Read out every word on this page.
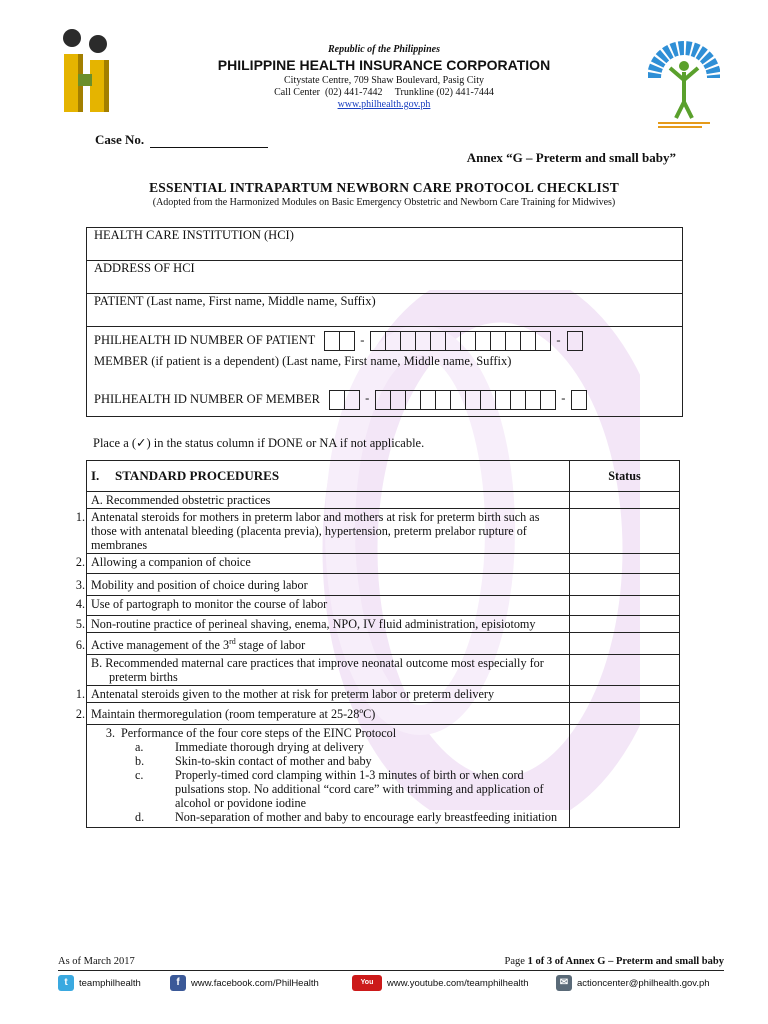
Republic of the Philippines
PHILIPPINE HEALTH INSURANCE CORPORATION
Citystate Centre, 709 Shaw Boulevard, Pasig City
Call Center  (02) 441-7442     Trunkline (02) 441-7444
www.philhealth.gov.ph
Case No.
Annex “G – Preterm and small baby”
ESSENTIAL INTRAPARTUM NEWBORN CARE PROTOCOL CHECKLIST
(Adopted from the Harmonized Modules on Basic Emergency Obstetric and Newborn Care Training for Midwives)
HEALTH CARE INSTITUTION (HCI)
ADDRESS OF HCI
PATIENT (Last name, First name, Middle name, Suffix)
PHILHEALTH ID NUMBER OF PATIENT	-	-

MEMBER (if patient is a dependent) (Last name, First name, Middle name, Suffix)
PHILHEALTH ID NUMBER OF MEMBER	-	-
Place a (✓) in the status column if DONE or NA if not applicable.
I. STANDARD PROCEDURES	Status
A. Recommended obstetric practices	
1. Antenatal steroids for mothers in preterm labor and mothers at risk for preterm birth such as those with antenatal bleeding (placenta previa), hypertension, preterm prelabor rupture of membranes	
2. Allowing a companion of choice	
3. Mobility and position of choice during labor	
4. Use of partograph to monitor the course of labor	
5. Non-routine practice of perineal shaving, enema, NPO, IV fluid administration, episiotomy	
6. Active management of the 3rd stage of labor	
B. Recommended maternal care practices that improve neonatal outcome most especially for preterm births	
1. Antenatal steroids given to the mother at risk for preterm labor or preterm delivery	
2. Maintain thermoregulation (room temperature at 25-28ºC)	

3. Performance of the four core steps of the EINC Protocol
a. Immediate thorough drying at delivery
b. Skin-to-skin contact of mother and baby
c. Properly-timed cord clamping within 1-3 minutes of birth or when cord pulsations stop. No additional “cord care” with trimming and application of alcohol or povidone iodine
d. Non-separation of mother and baby to encourage early breastfeeding initiation	

As of March 2017	Page 1 of 3 of Annex G – Preterm and small baby
t	teamphilhealth	f	www.facebook.com/PhilHealth	You Tube
www.youtube.com/teamphilhealth	✉ actioncenter@philhealth.gov.ph
